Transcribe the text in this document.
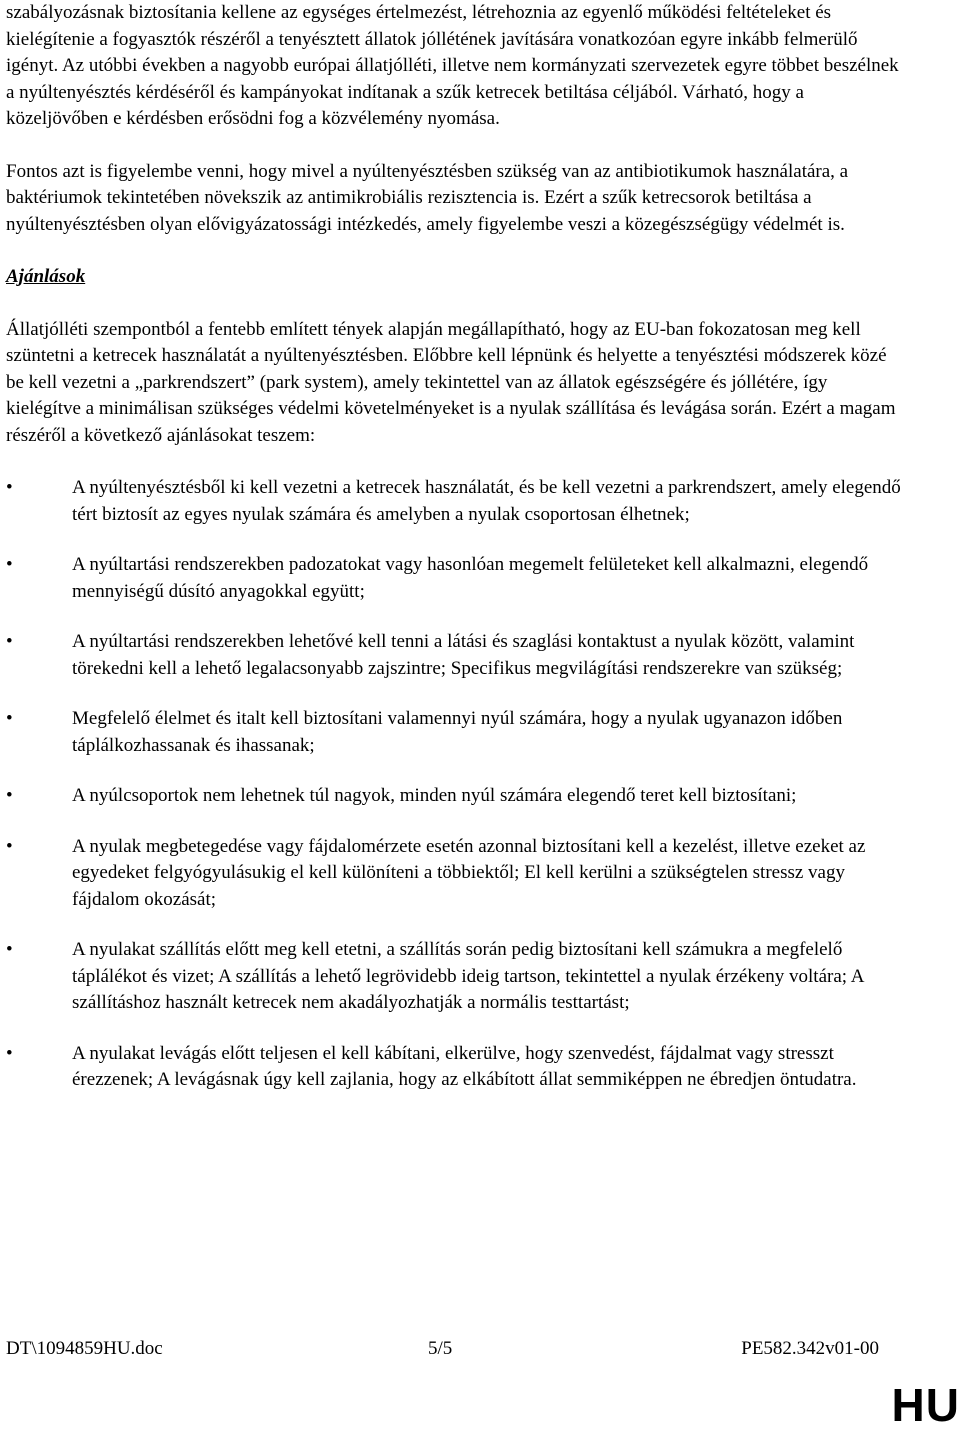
szabályozásnak biztosítania kellene az egységes értelmezést, létrehoznia az egyenlő működési feltételeket és kielégítenie a fogyasztók részéről a tenyésztett állatok jóllétének javítására vonatkozóan egyre inkább felmerülő igényt. Az utóbbi években a nagyobb európai állatjólléti, illetve nem kormányzati szervezetek egyre többet beszélnek a nyúltenyésztés kérdéséről és kampányokat indítanak a szűk ketrecek betiltása céljából. Várható, hogy a közeljövőben e kérdésben erősödni fog a közvélemény nyomása.

Fontos azt is figyelembe venni, hogy mivel a nyúltenyésztésben szükség van az antibiotikumok használatára, a baktériumok tekintetében növekszik az antimikrobiális rezisztencia is. Ezért a szűk ketrecsorok betiltása a nyúltenyésztésben olyan elővigyázatossági intézkedés, amely figyelembe veszi a közegészségügy védelmét is.

Ajánlások

Állatjólléti szempontból a fentebb említett tények alapján megállapítható, hogy az EU-ban fokozatosan meg kell szüntetni a ketrecek használatát a nyúltenyésztésben. Előbbre kell lépnünk és helyette a tenyésztési módszerek közé be kell vezetni a „parkrendszert” (park system), amely tekintettel van az állatok egészségére és jóllétére, így kielégítve a minimálisan szükséges védelmi követelményeket is a nyulak szállítása és levágása során. Ezért a magam részéről a következő ajánlásokat teszem:

•	A nyúltenyésztésből ki kell vezetni a ketrecek használatát, és be kell vezetni a parkrendszert, amely elegendő tért biztosít az egyes nyulak számára és amelyben a nyulak csoportosan élhetnek;
•	A nyúltartási rendszerekben padozatokat vagy hasonlóan megemelt felületeket kell alkalmazni, elegendő mennyiségű dúsító anyagokkal együtt;
•	A nyúltartási rendszerekben lehetővé kell tenni a látási és szaglási kontaktust a nyulak között, valamint törekedni kell a lehető legalacsonyabb zajszintre; Specifikus megvilágítási rendszerekre van szükség;
•	Megfelelő élelmet és italt kell biztosítani valamennyi nyúl számára, hogy a nyulak ugyanazon időben táplálkozhassanak és ihassanak;
•	A nyúlcsoportok nem lehetnek túl nagyok, minden nyúl számára elegendő teret kell biztosítani;
•	A nyulak megbetegedése vagy fájdalomérzete esetén azonnal biztosítani kell a kezelést, illetve ezeket az egyedeket felgyógyulásukig el kell különíteni a többiektől; El kell kerülni a szükségtelen stressz vagy fájdalom okozását;
•	A nyulakat szállítás előtt meg kell etetni, a szállítás során pedig biztosítani kell számukra a megfelelő táplálékot és vizet; A szállítás a lehető legrövidebb ideig tartson, tekintettel a nyulak érzékeny voltára; A szállításhoz használt ketrecek nem akadályozhatják a normális testtartást;
•	A nyulakat levágás előtt teljesen el kell kábítani, elkerülve, hogy szenvedést, fájdalmat vagy stresszt érezzenek; A levágásnak úgy kell zajlania, hogy az elkábított állat semmiképpen ne ébredjen öntudatra.
DT\1094859HU.doc	5/5	PE582.342v01-00
HU
